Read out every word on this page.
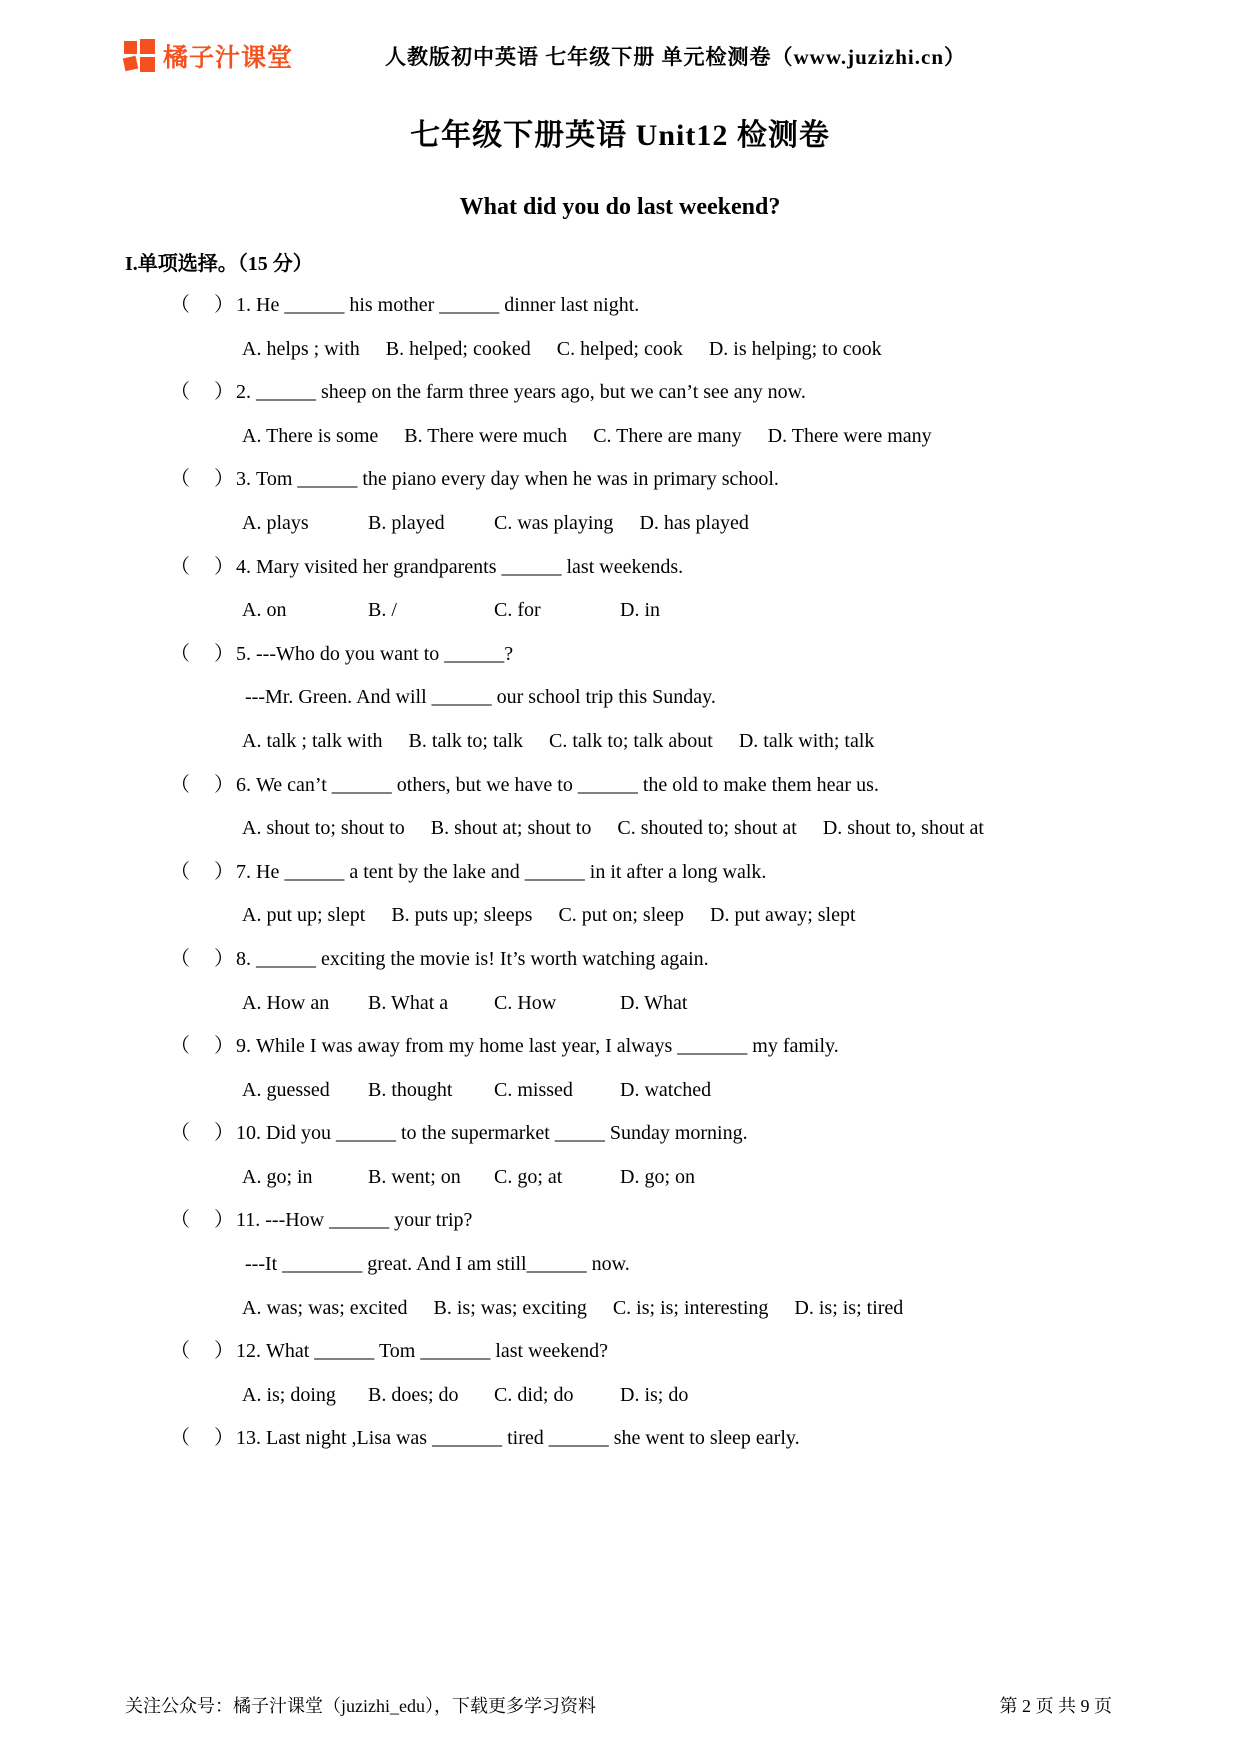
橘子汁课堂	人教版初中英语 七年级下册 单元检测卷（www.juzizhi.cn）
七年级下册英语 Unit12 检测卷
What did you do last weekend?
I.单项选择。（15 分）
（　）1. He ______ his mother ______ dinner last night.
A. helps ; with B. helped; cooked C. helped; cook D. is helping; to cook
（　）2. ______ sheep on the farm three years ago, but we can’t see any now.
A. There is some B. There were much C. There are many D. There were many
（　）3. Tom ______ the piano every day when he was in primary school.
A. plays	B. played	C. was playing D. has played
（　）4. Mary visited her grandparents ______ last weekends.
A. on	B. /	C. for	D. in
（　）5. ---Who do you want to ______?
---Mr. Green. And will ______ our school trip this Sunday.
A. talk ; talk with B. talk to; talk C. talk to; talk about D. talk with; talk
（　）6. We can’t ______ others, but we have to ______ the old to make them hear us.
A. shout to; shout to B. shout at; shout to C. shouted to; shout at D. shout to, shout at
（　）7. He ______ a tent by the lake and ______ in it after a long walk.
A. put up; slept B. puts up; sleeps C. put on; sleep D. put away; slept
（　）8. ______ exciting the movie is! It’s worth watching again.
A. How an	B. What a	C. How	D. What
（　）9. While I was away from my home last year, I always _______ my family.
A. guessed	B. thought	C. missed	D. watched
（　）10. Did you ______ to the supermarket _____ Sunday morning.
A. go; in	B. went; on	C. go; at	D. go; on
（　）11. ---How ______ your trip?
---It ________ great. And I am still______ now.
A. was; was; excited B. is; was; exciting C. is; is; interesting D. is; is; tired
（　）12. What ______ Tom _______ last weekend?
A. is; doing	B. does; do	C. did; do	D. is; do
（　）13. Last night ,Lisa was _______ tired ______ she went to sleep early.
关注公众号：橘子汁课堂（juzizhi_edu），下载更多学习资料	第 2 页 共 9 页
